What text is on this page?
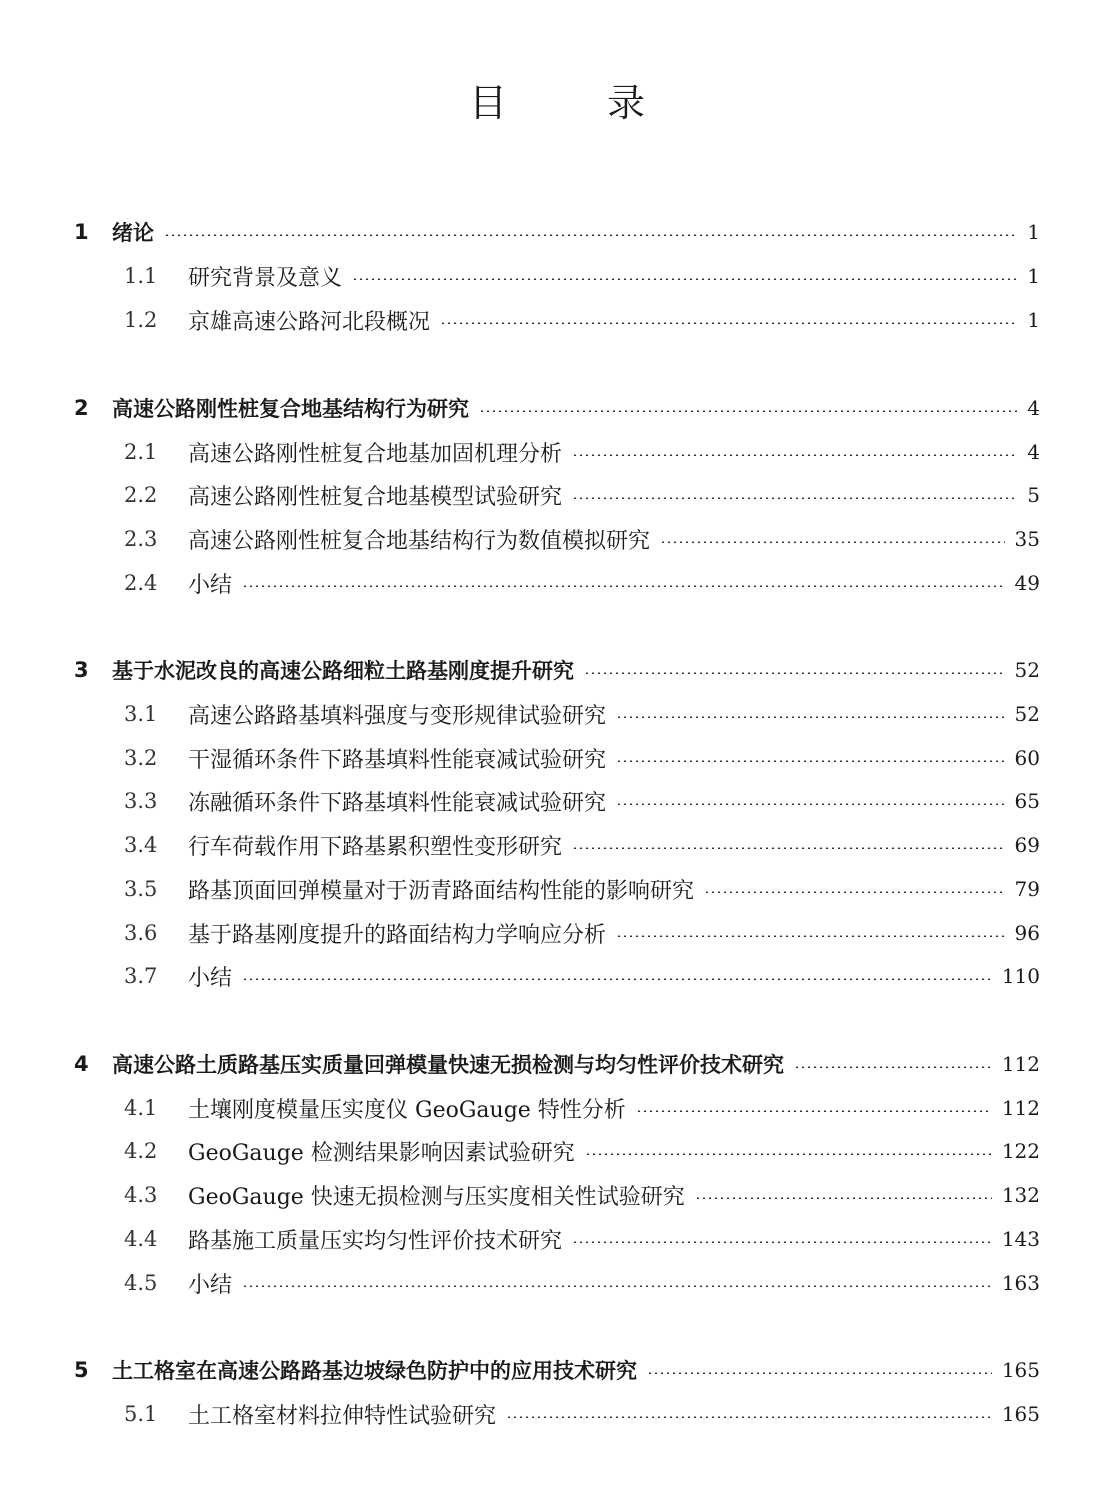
目 录
1 绪论	1
1.1 研究背景及意义	1
1.2 京雄高速公路河北段概况	1
2 高速公路刚性桩复合地基结构行为研究	4
2.1 高速公路刚性桩复合地基加固机理分析	4
2.2 高速公路刚性桩复合地基模型试验研究	5
2.3 高速公路刚性桩复合地基结构行为数值模拟研究	35
2.4 小结	49
3 基于水泥改良的高速公路细粒土路基刚度提升研究	52
3.1 高速公路路基填料强度与变形规律试验研究	52
3.2 干湿循环条件下路基填料性能衰减试验研究	60
3.3 冻融循环条件下路基填料性能衰减试验研究	65
3.4 行车荷载作用下路基累积塑性变形研究	69
3.5 路基顶面回弹模量对于沥青路面结构性能的影响研究	79
3.6 基于路基刚度提升的路面结构力学响应分析	96
3.7 小结	110
4 高速公路土质路基压实质量回弹模量快速无损检测与均匀性评价技术研究	112
4.1 土壤刚度模量压实度仪 GeoGauge 特性分析	112
4.2 GeoGauge 检测结果影响因素试验研究	122
4.3 GeoGauge 快速无损检测与压实度相关性试验研究	132
4.4 路基施工质量压实均匀性评价技术研究	143
4.5 小结	163
5 土工格室在高速公路路基边坡绿色防护中的应用技术研究	165
5.1 土工格室材料拉伸特性试验研究	165
